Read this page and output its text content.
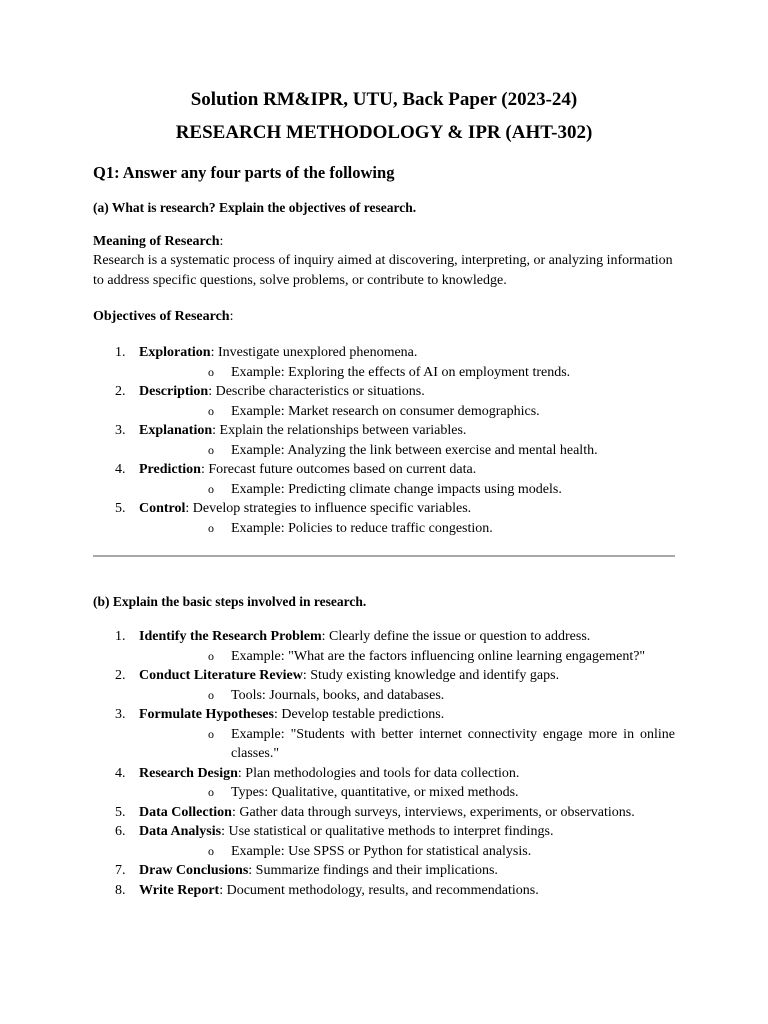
Solution RM&IPR, UTU, Back Paper (2023-24)
RESEARCH METHODOLOGY & IPR (AHT-302)
Q1: Answer any four parts of the following
(a) What is research? Explain the objectives of research.
Meaning of Research:
Research is a systematic process of inquiry aimed at discovering, interpreting, or analyzing information to address specific questions, solve problems, or contribute to knowledge.
Objectives of Research:
1. Exploration: Investigate unexplored phenomena.
o Example: Exploring the effects of AI on employment trends.
2. Description: Describe characteristics or situations.
o Example: Market research on consumer demographics.
3. Explanation: Explain the relationships between variables.
o Example: Analyzing the link between exercise and mental health.
4. Prediction: Forecast future outcomes based on current data.
o Example: Predicting climate change impacts using models.
5. Control: Develop strategies to influence specific variables.
o Example: Policies to reduce traffic congestion.
(b) Explain the basic steps involved in research.
1. Identify the Research Problem: Clearly define the issue or question to address.
o Example: "What are the factors influencing online learning engagement?"
2. Conduct Literature Review: Study existing knowledge and identify gaps.
o Tools: Journals, books, and databases.
3. Formulate Hypotheses: Develop testable predictions.
o Example: "Students with better internet connectivity engage more in online classes."
4. Research Design: Plan methodologies and tools for data collection.
o Types: Qualitative, quantitative, or mixed methods.
5. Data Collection: Gather data through surveys, interviews, experiments, or observations.
6. Data Analysis: Use statistical or qualitative methods to interpret findings.
o Example: Use SPSS or Python for statistical analysis.
7. Draw Conclusions: Summarize findings and their implications.
8. Write Report: Document methodology, results, and recommendations.
